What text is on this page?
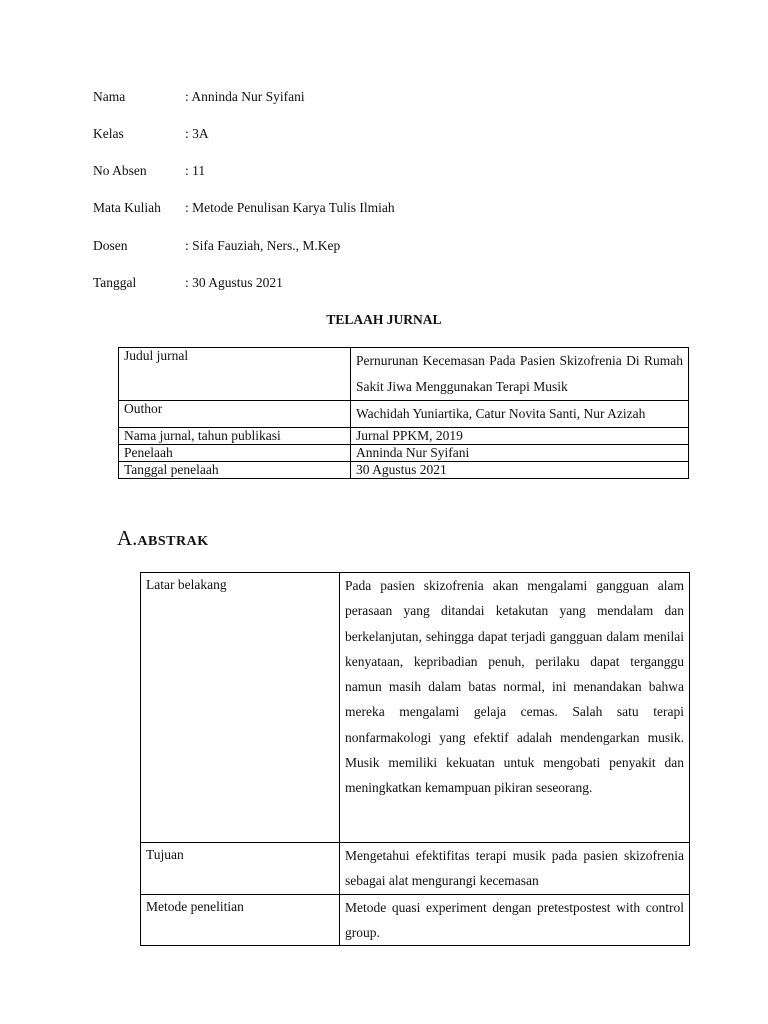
Nama	: Anninda Nur Syifani
Kelas	: 3A
No Absen	: 11
Mata Kuliah	: Metode Penulisan Karya Tulis Ilmiah
Dosen	: Sifa Fauziah, Ners., M.Kep
Tanggal	: 30 Agustus 2021
TELAAH JURNAL
Judul jurnal	Pernurunan Kecemasan Pada Pasien Skizofrenia Di Rumah Sakit Jiwa Menggunakan Terapi Musik
Outhor	Wachidah Yuniartika, Catur Novita Santi, Nur Azizah
Nama jurnal, tahun publikasi	Jurnal PPKM, 2019
Penelaah	Anninda Nur Syifani
Tanggal penelaah	30 Agustus 2021
A.ABSTRAK
Latar belakang	Pada pasien skizofrenia akan mengalami gangguan alam perasaan yang ditandai ketakutan yang mendalam dan berkelanjutan, sehingga dapat terjadi gangguan dalam menilai kenyataan, kepribadian penuh, perilaku dapat terganggu namun masih dalam batas normal, ini menandakan bahwa mereka mengalami gelaja cemas. Salah satu terapi nonfarmakologi yang efektif adalah mendengarkan musik. Musik memiliki kekuatan untuk mengobati penyakit dan meningkatkan kemampuan pikiran seseorang.
Tujuan	Mengetahui efektifitas terapi musik pada pasien skizofrenia sebagai alat mengurangi kecemasan
Metode penelitian	Metode quasi experiment dengan pretestpostest with control group.
